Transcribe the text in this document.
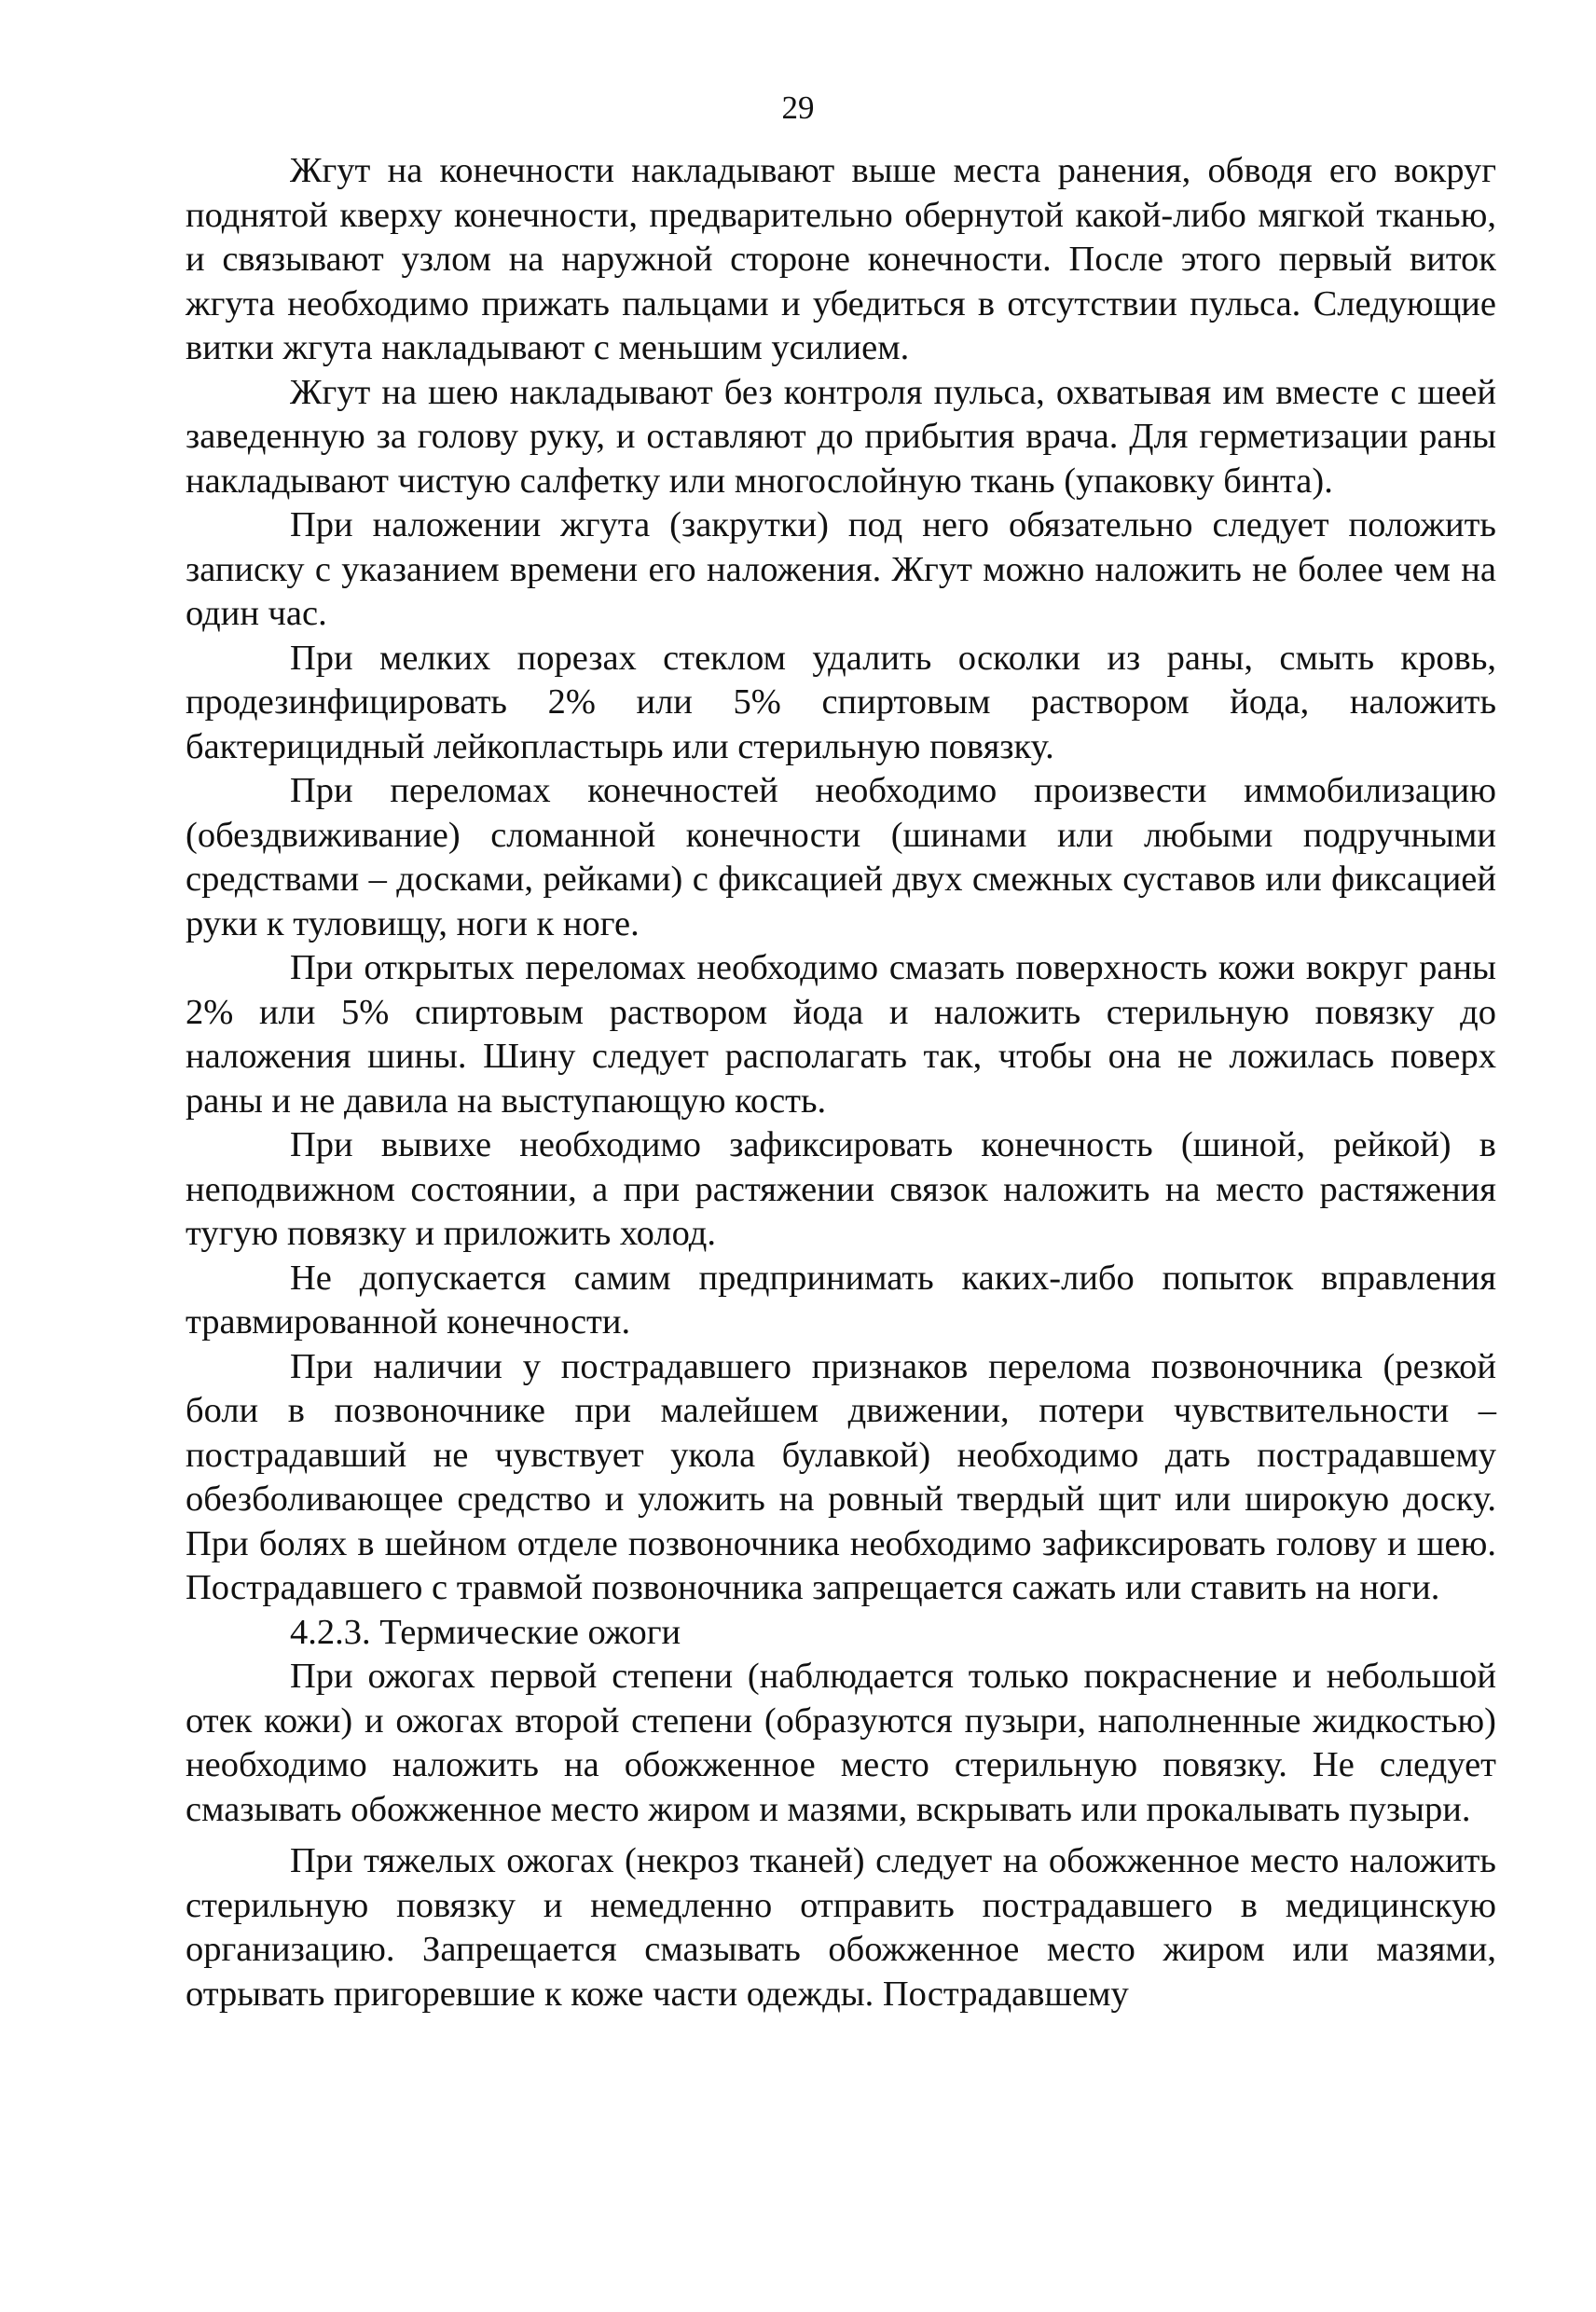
29

Жгут на конечности накладывают выше места ранения, обводя его вокруг поднятой кверху конечности, предварительно обернутой какой-либо мягкой тканью, и связывают узлом на наружной стороне конечности. После этого первый виток жгута необходимо прижать пальцами и убедиться в отсутствии пульса. Следующие витки жгута накладывают с меньшим усилием.

Жгут на шею накладывают без контроля пульса, охватывая им вместе с шеей заведенную за голову руку, и оставляют до прибытия врача. Для герметизации раны накладывают чистую салфетку или многослойную ткань (упаковку бинта).

При наложении жгута (закрутки) под него обязательно следует положить записку с указанием времени его наложения. Жгут можно наложить не более чем на один час.

При мелких порезах стеклом удалить осколки из раны, смыть кровь, продезинфицировать 2% или 5% спиртовым раствором йода, наложить бактерицидный лейкопластырь или стерильную повязку.

При переломах конечностей необходимо произвести иммобилизацию (обездвиживание) сломанной конечности (шинами или любыми подручными средствами – досками, рейками) с фиксацией двух смежных суставов или фиксацией руки к туловищу, ноги к ноге.

При открытых переломах необходимо смазать поверхность кожи вокруг раны 2% или 5% спиртовым раствором йода и наложить стерильную повязку до наложения шины. Шину следует располагать так, чтобы она не ложилась поверх раны и не давила на выступающую кость.

При вывихе необходимо зафиксировать конечность (шиной, рейкой) в неподвижном состоянии, а при растяжении связок наложить на место растяжения тугую повязку и приложить холод.

Не допускается самим предпринимать каких-либо попыток вправления травмированной конечности.

При наличии у пострадавшего признаков перелома позвоночника (резкой боли в позвоночнике при малейшем движении, потери чувствительности – пострадавший не чувствует укола булавкой) необходимо дать пострадавшему обезболивающее средство и уложить на ровный твердый щит или широкую доску. При болях в шейном отделе позвоночника необходимо зафиксировать голову и шею. Пострадавшего с травмой позвоночника запрещается сажать или ставить на ноги.

4.2.3. Термические ожоги

При ожогах первой степени (наблюдается только покраснение и небольшой отек кожи) и ожогах второй степени (образуются пузыри, наполненные жидкостью) необходимо наложить на обожженное место стерильную повязку. Не следует смазывать обожженное место жиром и мазями, вскрывать или прокалывать пузыри.

При тяжелых ожогах (некроз тканей) следует на обожженное место наложить стерильную повязку и немедленно отправить пострадавшего в медицинскую организацию. Запрещается смазывать обожженное место жиром или мазями, отрывать пригоревшие к коже части одежды. Пострадавшему
